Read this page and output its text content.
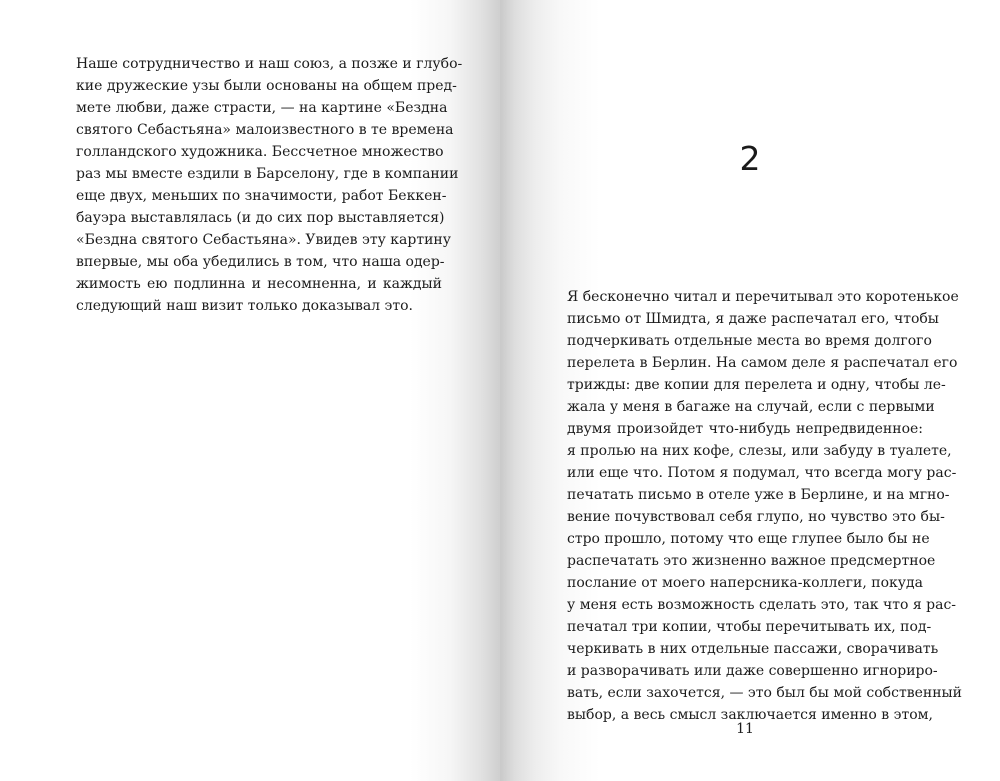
Наше сотрудничество и наш союз, а позже и глубо-
кие дружеские узы были основаны на общем пред-
мете любви, даже страсти, — на картине «Бездна
святого Себастьяна» малоизвестного в те времена
голландского художника. Бессчетное множество
раз мы вместе ездили в Барселону, где в компании
еще двух, меньших по значимости, работ Беккен-
бауэра выставлялась (и до сих пор выставляется)
«Бездна святого Себастьяна». Увидев эту картину
впервые, мы оба убедились в том, что наша одер-
жимость ею подлинна и несомненна, и каждый
следующий наш визит только доказывал это.
2
Я бесконечно читал и перечитывал это коротенькое
письмо от Шмидта, я даже распечатал его, чтобы
подчеркивать отдельные места во время долгого
перелета в Берлин. На самом деле я распечатал его
трижды: две копии для перелета и одну, чтобы ле-
жала у меня в багаже на случай, если с первыми
двумя произойдет что-нибудь непредвиденное:
я пролью на них кофе, слезы, или забуду в туалете,
или еще что. Потом я подумал, что всегда могу рас-
печатать письмо в отеле уже в Берлине, и на мгно-
вение почувствовал себя глупо, но чувство это бы-
стро прошло, потому что еще глупее было бы не
распечатать это жизненно важное предсмертное
послание от моего наперсника-коллеги, покуда
у меня есть возможность сделать это, так что я рас-
печатал три копии, чтобы перечитывать их, под-
черкивать в них отдельные пассажи, сворачивать
и разворачивать или даже совершенно игнориро-
вать, если захочется, — это был бы мой собственный
выбор, а весь смысл заключается именно в этом,
11
